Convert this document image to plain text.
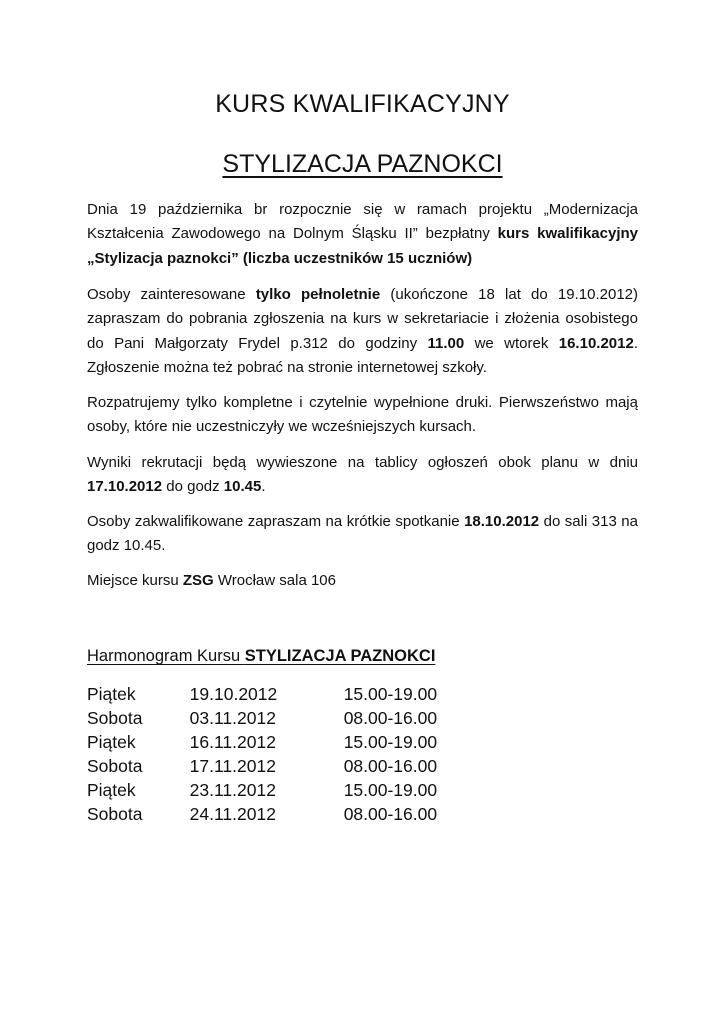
KURS KWALIFIKACYJNY
STYLIZACJA PAZNOKCI

Dnia 19 października br rozpocznie się w ramach projektu „Modernizacja Kształcenia Zawodowego na Dolnym Śląsku II” bezpłatny kurs kwalifikacyjny „Stylizacja paznokci” (liczba uczestników 15 uczniów)

Osoby zainteresowane tylko pełnoletnie (ukończone 18 lat do 19.10.2012) zapraszam do pobrania zgłoszenia na kurs w sekretariacie i złożenia osobistego do Pani Małgorzaty Frydel p.312 do godziny 11.00 we wtorek 16.10.2012. Zgłoszenie można też pobrać na stronie internetowej szkoły.

Rozpatrujemy tylko kompletne i czytelnie wypełnione druki. Pierwszeństwo mają osoby, które nie uczestniczyły we wcześniejszych kursach.

Wyniki rekrutacji będą wywieszone na tablicy ogłoszeń obok planu w dniu 17.10.2012 do godz 10.45.

Osoby zakwalifikowane zapraszam na krótkie spotkanie 18.10.2012 do sali 313 na godz 10.45.

Miejsce kursu ZSG Wrocław sala 106

Harmonogram Kursu STYLIZACJA PAZNOKCI
Piątek	19.10.2012	15.00-19.00
Sobota	03.11.2012	08.00-16.00
Piątek	16.11.2012	15.00-19.00
Sobota	17.11.2012	08.00-16.00
Piątek	23.11.2012	15.00-19.00
Sobota	24.11.2012	08.00-16.00
